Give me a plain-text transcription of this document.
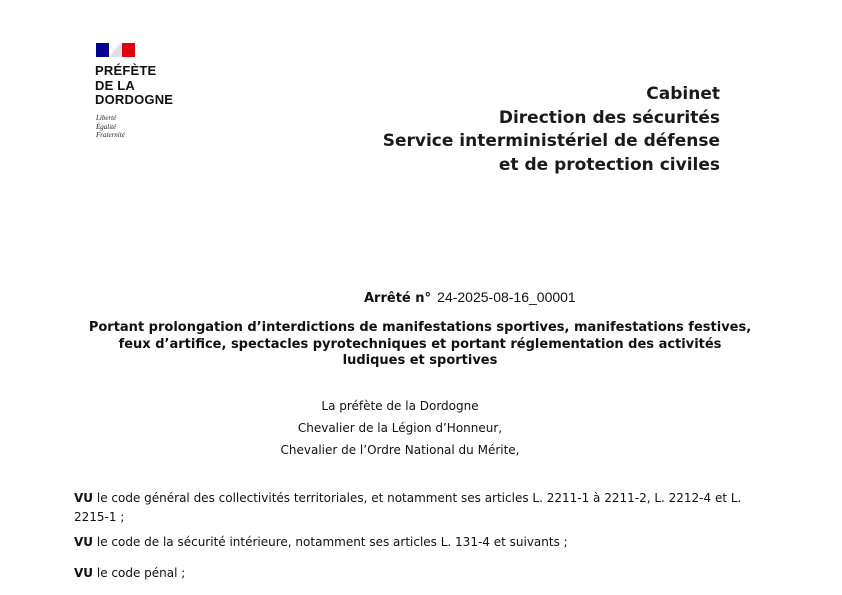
PRÉFÈTE
DE LA
DORDOGNE
Liberté
Égalité
Fraternité
Cabinet
Direction des sécurités
Service interministériel de défense
et de protection civiles
Arrêté n° 24-2025-08-16_00001
Portant prolongation d’interdictions de manifestations sportives, manifestations festives,
feux d’artifice, spectacles pyrotechniques et portant réglementation des activités
ludiques et sportives
La préfète de la Dordogne
Chevalier de la Légion d’Honneur,
Chevalier de l’Ordre National du Mérite,
VU le code général des collectivités territoriales, et notamment ses articles L. 2211-1 à 2211-2, L. 2212-4 et L. 2215-1 ;
VU le code de la sécurité intérieure, notamment ses articles L. 131-4 et suivants ;
VU le code pénal ;
